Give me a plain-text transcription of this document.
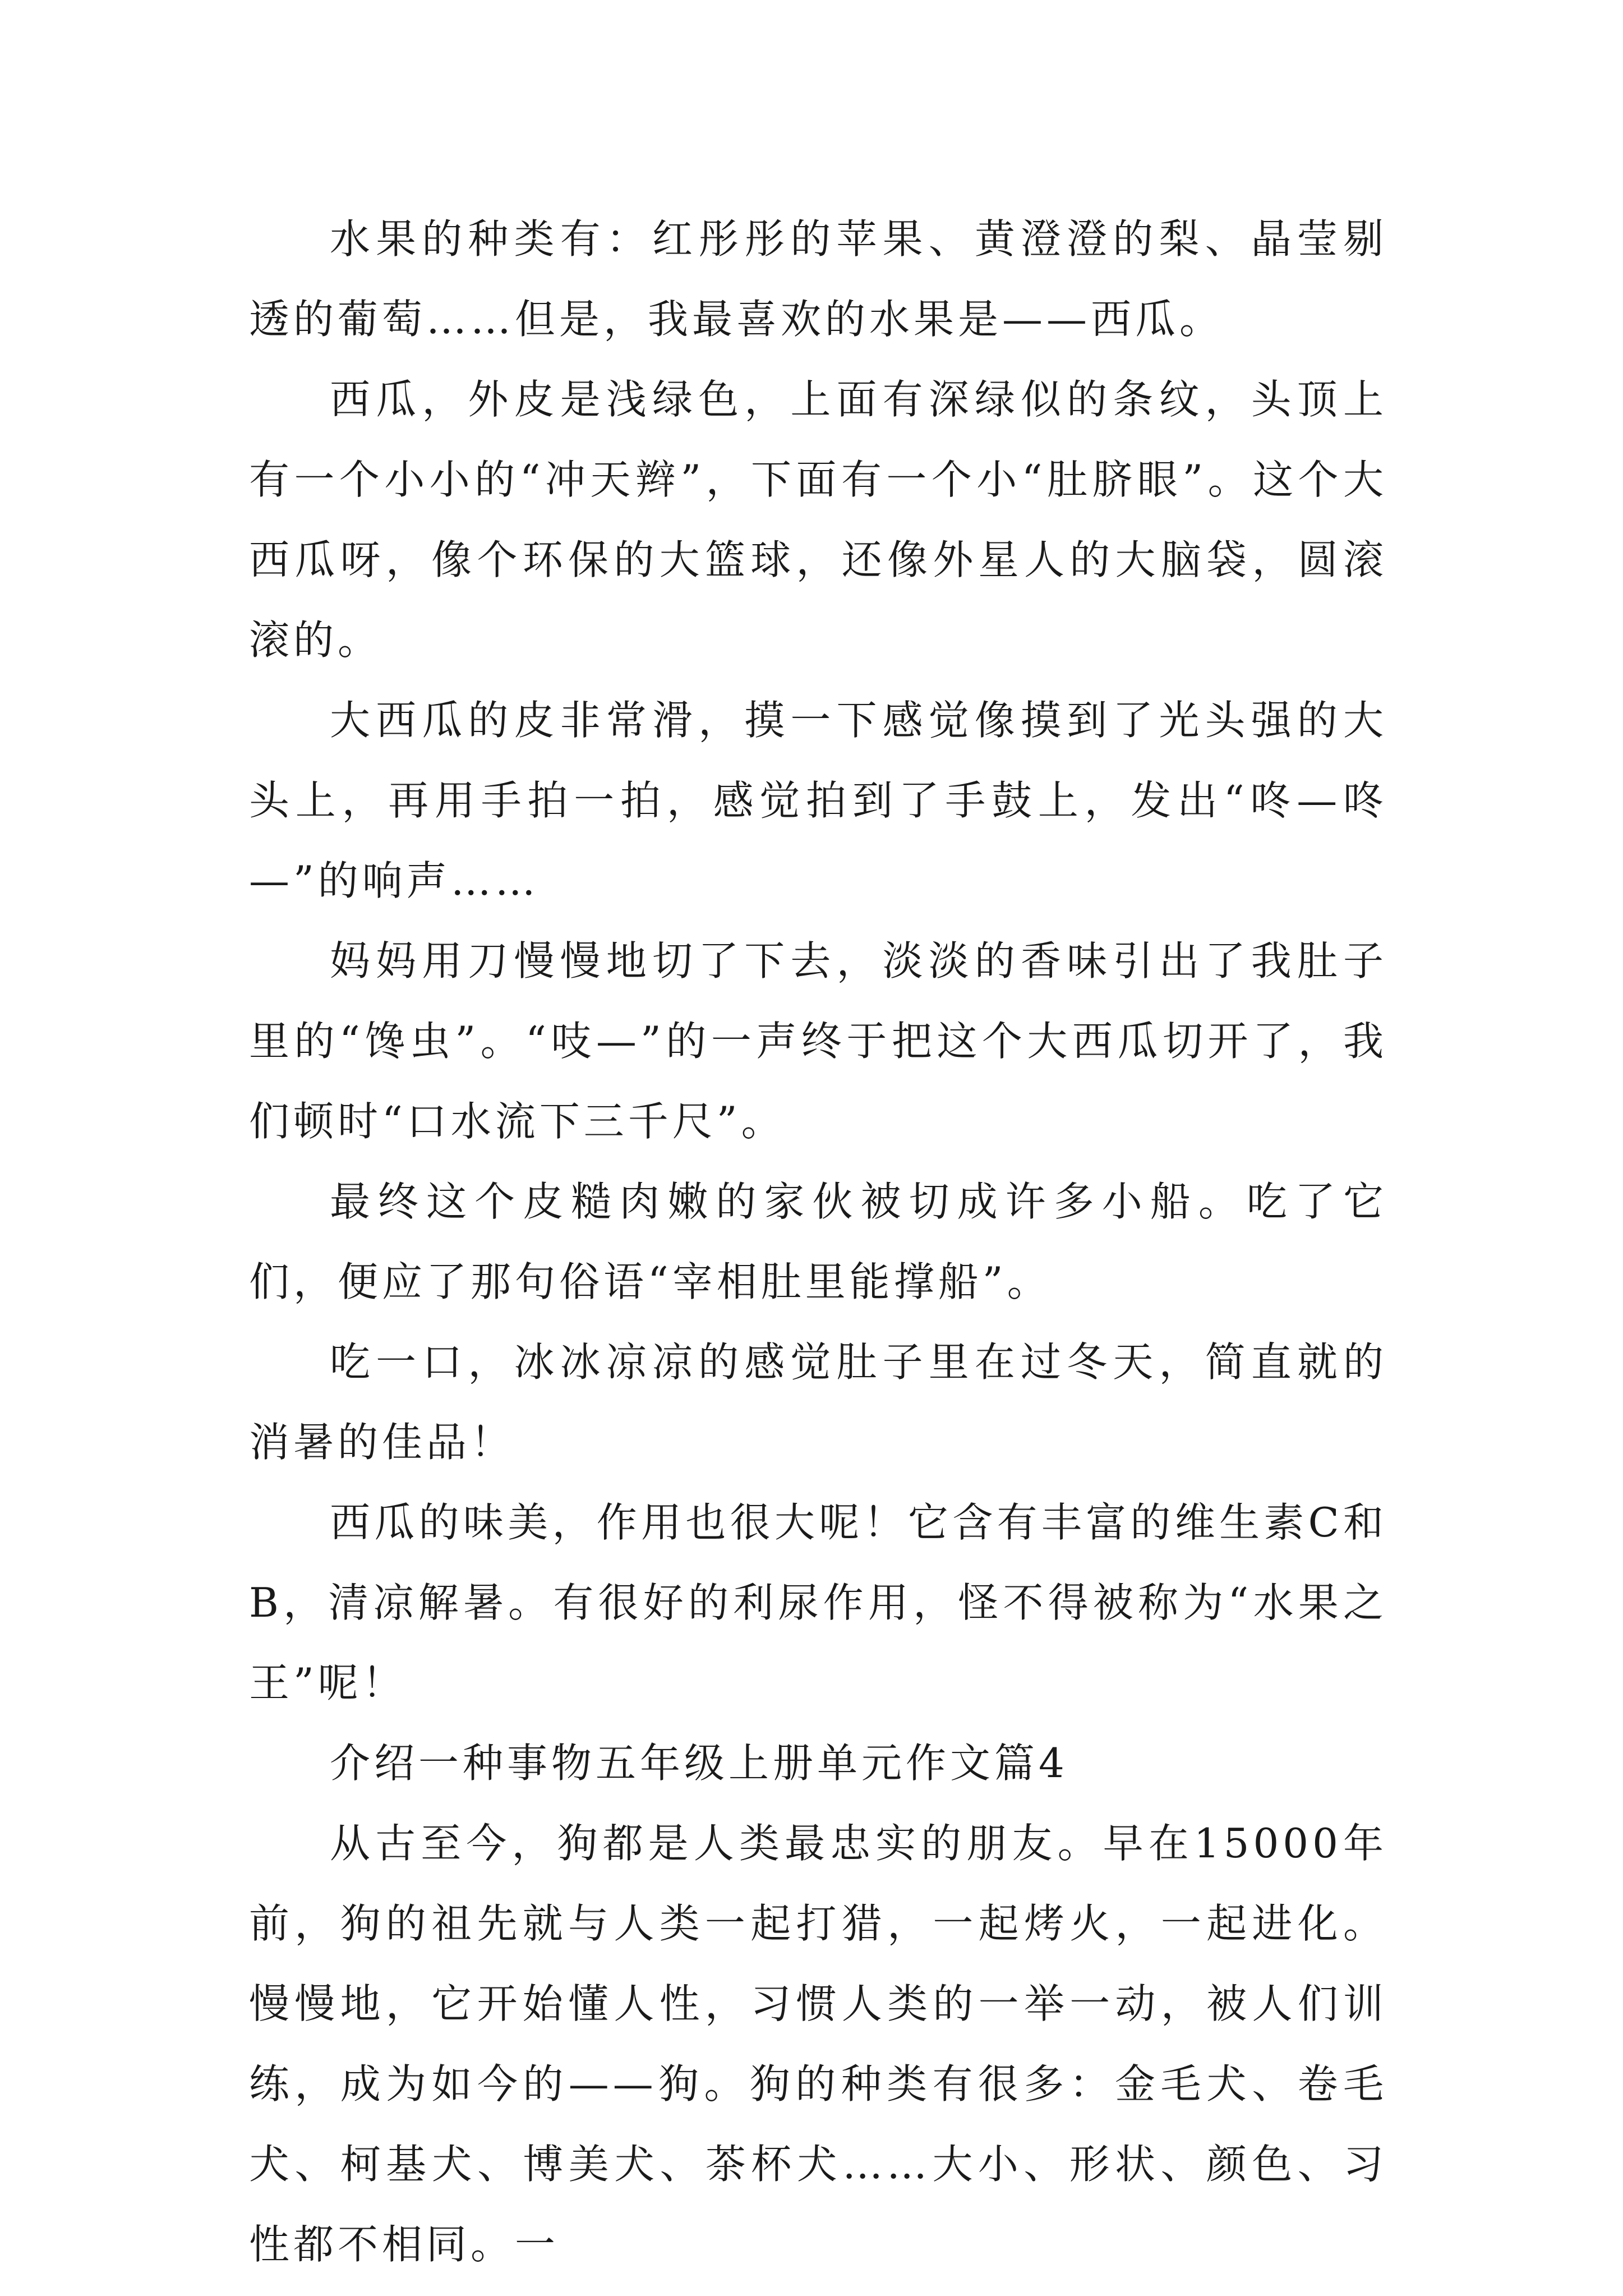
水果的种类有：红彤彤的苹果、黄澄澄的梨、晶莹剔透的葡萄……但是，我最喜欢的水果是——西瓜。

西瓜，外皮是浅绿色，上面有深绿似的条纹，头顶上有一个小小的“冲天辫”，下面有一个小“肚脐眼”。这个大西瓜呀，像个环保的大篮球，还像外星人的大脑袋，圆滚滚的。

大西瓜的皮非常滑，摸一下感觉像摸到了光头强的大头上，再用手拍一拍，感觉拍到了手鼓上，发出“咚—咚—”的响声……

妈妈用刀慢慢地切了下去，淡淡的香味引出了我肚子里的“馋虫”。“吱—”的一声终于把这个大西瓜切开了，我们顿时“口水流下三千尺”。

最终这个皮糙肉嫩的家伙被切成许多小船。吃了它们，便应了那句俗语“宰相肚里能撑船”。

吃一口，冰冰凉凉的感觉肚子里在过冬天，简直就的消暑的佳品！

西瓜的味美，作用也很大呢！它含有丰富的维生素C和B，清凉解暑。有很好的利尿作用，怪不得被称为“水果之王”呢！

介绍一种事物五年级上册单元作文篇4

从古至今，狗都是人类最忠实的朋友。早在15000年前，狗的祖先就与人类一起打猎，一起烤火，一起进化。慢慢地，它开始懂人性，习惯人类的一举一动，被人们训练，成为如今的——狗。狗的种类有很多：金毛犬、卷毛犬、柯基犬、博美犬、茶杯犬……大小、形状、颜色、习性都不相同。一
